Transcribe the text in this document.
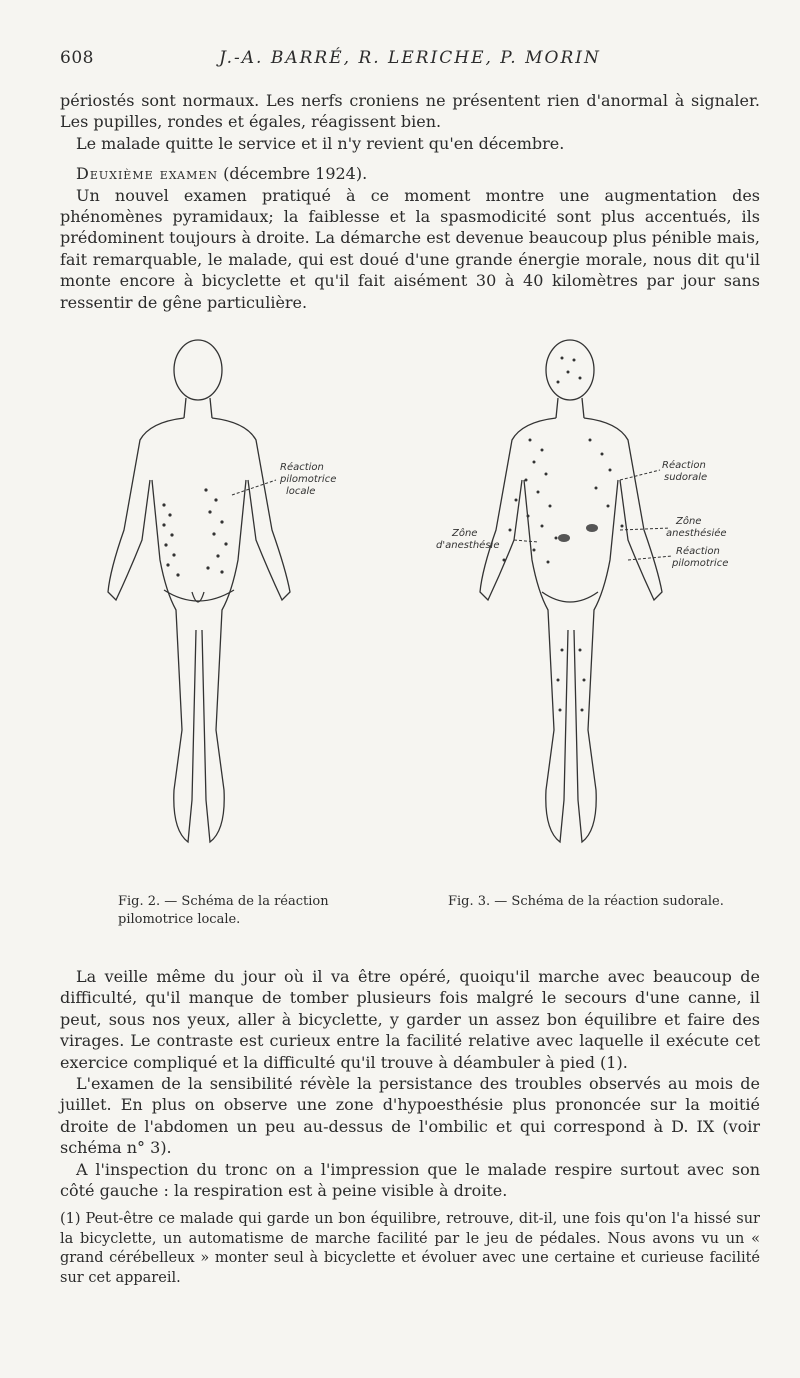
608	J.-A. BARRÉ, R. LERICHE, P. MORIN

périostés sont normaux. Les nerfs croniens ne présentent rien d'anormal à signaler. Les pupilles, rondes et égales, réagissent bien.

Le malade quitte le service et il n'y revient qu'en décembre.

Deuxième examen (décembre 1924).

Un nouvel examen pratiqué à ce moment montre une augmentation des phénomènes pyramidaux; la faiblesse et la spasmodicité sont plus accentués, ils prédominent toujours à droite. La démarche est devenue beaucoup plus pénible mais, fait remarquable, le malade, qui est doué d'une grande énergie morale, nous dit qu'il monte encore à bicyclette et qu'il fait aisément 30 à 40 kilomètres par jour sans ressentir de gêne particulière.

Réaction
pilomotrice
locale
Réaction
sudorale
Zône
d'anesthésie
Zône
anesthésiée
Réaction
pilomotrice
Fig. 2. — Schéma de la réaction pilomotrice locale.
Fig. 3. — Schéma de la réaction sudorale.

La veille même du jour où il va être opéré, quoiqu'il marche avec beaucoup de difficulté, qu'il manque de tomber plusieurs fois malgré le secours d'une canne, il peut, sous nos yeux, aller à bicyclette, y garder un assez bon équilibre et faire des virages. Le contraste est curieux entre la facilité relative avec laquelle il exécute cet exercice compliqué et la difficulté qu'il trouve à déambuler à pied (1).

L'examen de la sensibilité révèle la persistance des troubles observés au mois de juillet. En plus on observe une zone d'hypoesthésie plus prononcée sur la moitié droite de l'abdomen un peu au-dessus de l'ombilic et qui correspond à D. IX (voir schéma n° 3).

A l'inspection du tronc on a l'impression que le malade respire surtout avec son côté gauche : la respiration est à peine visible à droite.

(1) Peut-être ce malade qui garde un bon équilibre, retrouve, dit-il, une fois qu'on l'a hissé sur la bicyclette, un automatisme de marche facilité par le jeu de pédales. Nous avons vu un « grand cérébelleux » monter seul à bicyclette et évoluer avec une certaine et curieuse facilité sur cet appareil.
